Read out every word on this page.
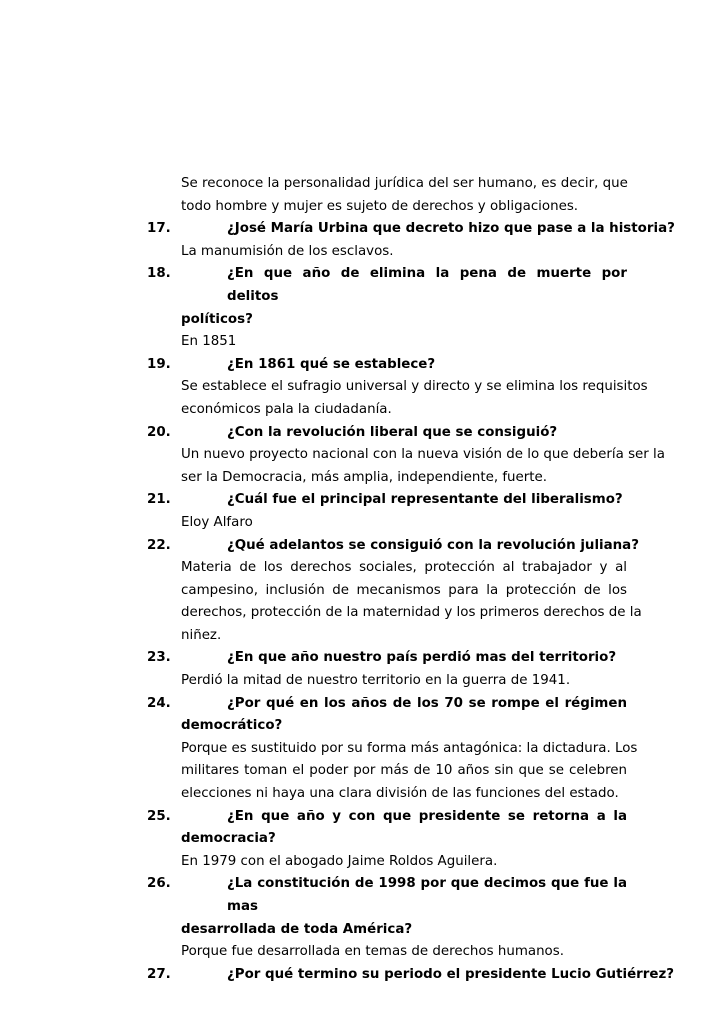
Se reconoce la personalidad jurídica del ser humano, es decir, que
todo hombre y mujer es sujeto de derechos y obligaciones.
17.	¿José María Urbina que decreto hizo que pase a la historia?
La manumisión de los esclavos.
18.	¿En que año de elimina la pena de muerte por delitos
políticos?
En 1851
19.	¿En 1861 qué se establece?
Se establece el sufragio universal y directo y se elimina los requisitos
económicos pala la ciudadanía.
20.	¿Con la revolución liberal que se consiguió?
Un nuevo proyecto nacional con la nueva visión de lo que debería ser la
ser la Democracia, más amplia, independiente, fuerte.
21.	¿Cuál fue el principal representante del liberalismo?
Eloy Alfaro
22.	¿Qué adelantos se consiguió con la revolución juliana?
Materia de los derechos sociales, protección al trabajador y al
campesino, inclusión de mecanismos para la protección de los
derechos, protección de la maternidad y los primeros derechos de la
niñez.
23.	¿En que año nuestro país perdió mas del territorio?
Perdió la mitad de nuestro territorio en la guerra de 1941.
24.	¿Por qué en los años de los 70 se rompe el régimen
democrático?
Porque es sustituido por su forma más antagónica: la dictadura. Los
militares toman el poder por más de 10 años sin que se celebren
elecciones ni haya una clara división de las funciones del estado.
25.	¿En que año y con que presidente se retorna a la
democracia?
En 1979 con el abogado Jaime Roldos Aguilera.
26.	¿La constitución de 1998 por que decimos que fue la mas
desarrollada de toda América?
Porque fue desarrollada en temas de derechos humanos.
27.	¿Por qué termino su periodo el presidente Lucio Gutiérrez?
